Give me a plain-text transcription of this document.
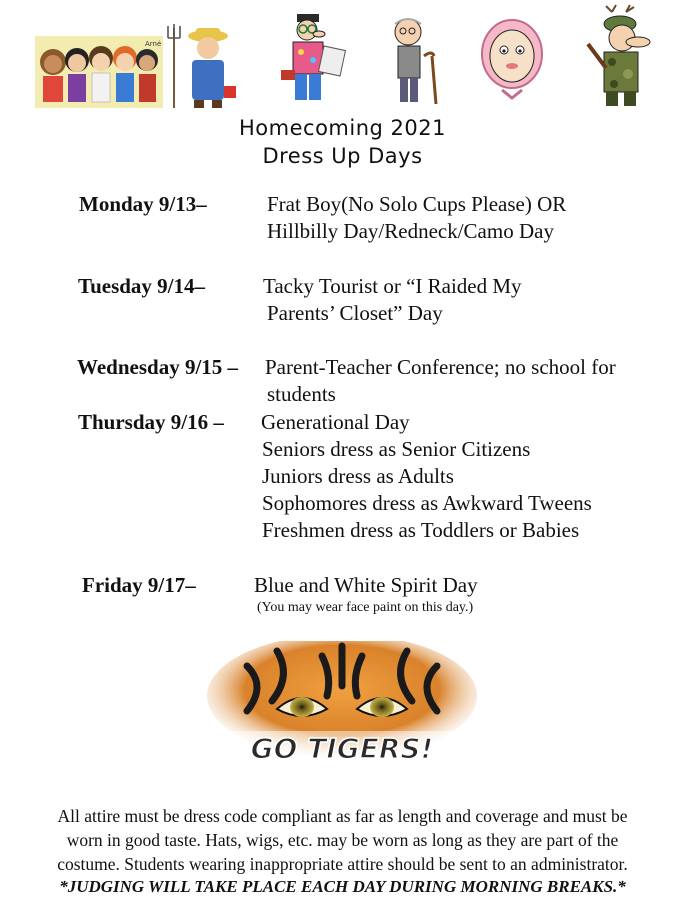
Arnė
Homecoming 2021
Dress Up Days
Monday 9/13–	Frat Boy(No Solo Cups Please) OR
Hillbilly Day/Redneck/Camo Day
Tuesday 9/14–	Tacky Tourist or “I Raided My
Parents’ Closet” Day
Wednesday 9/15 – Parent-Teacher Conference; no school for
students
Thursday 9/16 – Generational Day
Seniors dress as Senior Citizens
Juniors dress as Adults
Sophomores dress as Awkward Tweens
Freshmen dress as Toddlers or Babies
Friday 9/17–	Blue and White Spirit Day
(You may wear face paint on this day.)
GO TIGERS!
All attire must be dress code compliant as far as length and coverage and must be
worn in good taste. Hats, wigs, etc. may be worn as long as they are part of the
costume. Students wearing inappropriate attire should be sent to an administrator.
*JUDGING WILL TAKE PLACE EACH DAY DURING MORNING BREAKS.*
